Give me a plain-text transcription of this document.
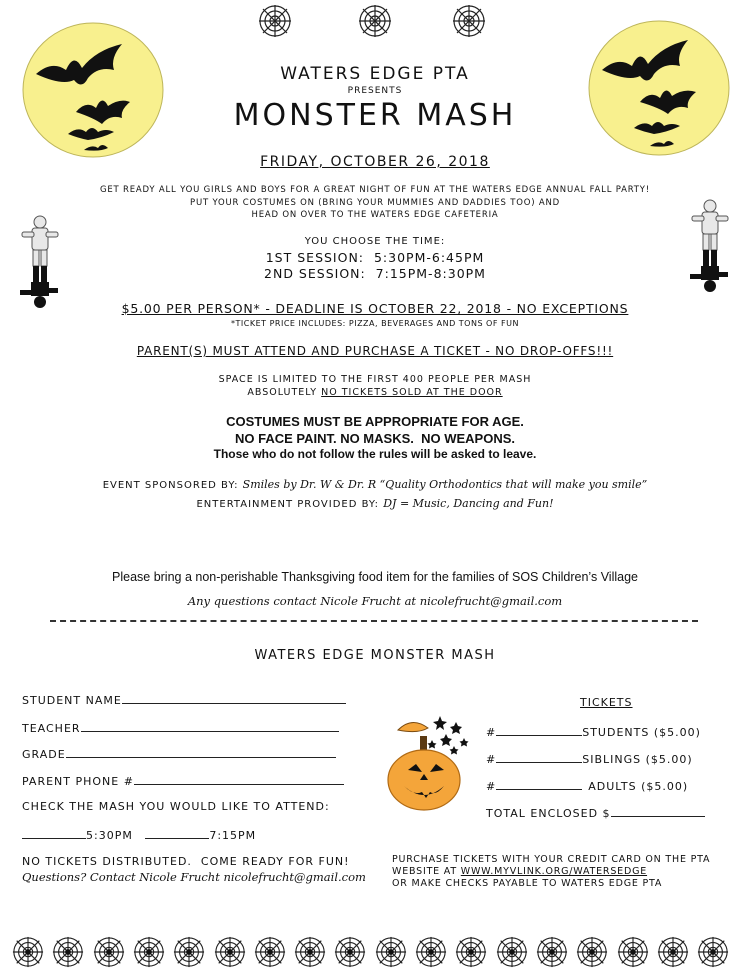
WATERS EDGE PTA
PRESENTS
MONSTER MASH
FRIDAY, OCTOBER 26, 2018
GET READY ALL YOU GIRLS AND BOYS FOR A GREAT NIGHT OF FUN AT THE WATERS EDGE ANNUAL FALL PARTY!
PUT YOUR COSTUMES ON (BRING YOUR MUMMIES AND DADDIES TOO) AND
HEAD ON OVER TO THE WATERS EDGE CAFETERIA
YOU CHOOSE THE TIME:
1ST SESSION:  5:30PM-6:45PM
2ND SESSION:  7:15PM-8:30PM
$5.00 PER PERSON* - DEADLINE IS OCTOBER 22, 2018 - NO EXCEPTIONS
*TICKET PRICE INCLUDES: PIZZA, BEVERAGES AND TONS OF FUN
PARENT(S) MUST ATTEND AND PURCHASE A TICKET - NO DROP-OFFS!!!
SPACE IS LIMITED TO THE FIRST 400 PEOPLE PER MASH
ABSOLUTELY NO TICKETS SOLD AT THE DOOR
COSTUMES MUST BE APPROPRIATE FOR AGE.
NO FACE PAINT. NO MASKS.  NO WEAPONS.
Those who do not follow the rules will be asked to leave.
EVENT SPONSORED BY: Smiles by Dr. W & Dr. R “Quality Orthodontics that will make you smile”
ENTERTAINMENT PROVIDED BY: DJ = Music, Dancing and Fun!
Please bring a non-perishable Thanksgiving food item for the families of SOS Children’s Village
Any questions contact Nicole Frucht at nicolefrucht@gmail.com
WATERS EDGE MONSTER MASH
STUDENT NAME
TEACHER
GRADE
PARENT PHONE #
CHECK THE MASH YOU WOULD LIKE TO ATTEND:
5:30PM	7:15PM
NO TICKETS DISTRIBUTED.  COME READY FOR FUN!
Questions? Contact Nicole Frucht nicolefrucht@gmail.com
TICKETS
#	STUDENTS ($5.00)
#	SIBLINGS ($5.00)
#	ADULTS ($5.00)
TOTAL ENCLOSED $
PURCHASE TICKETS WITH YOUR CREDIT CARD ON THE PTA
WEBSITE AT WWW.MYVLINK.ORG/WATERSEDGE
OR MAKE CHECKS PAYABLE TO WATERS EDGE PTA
